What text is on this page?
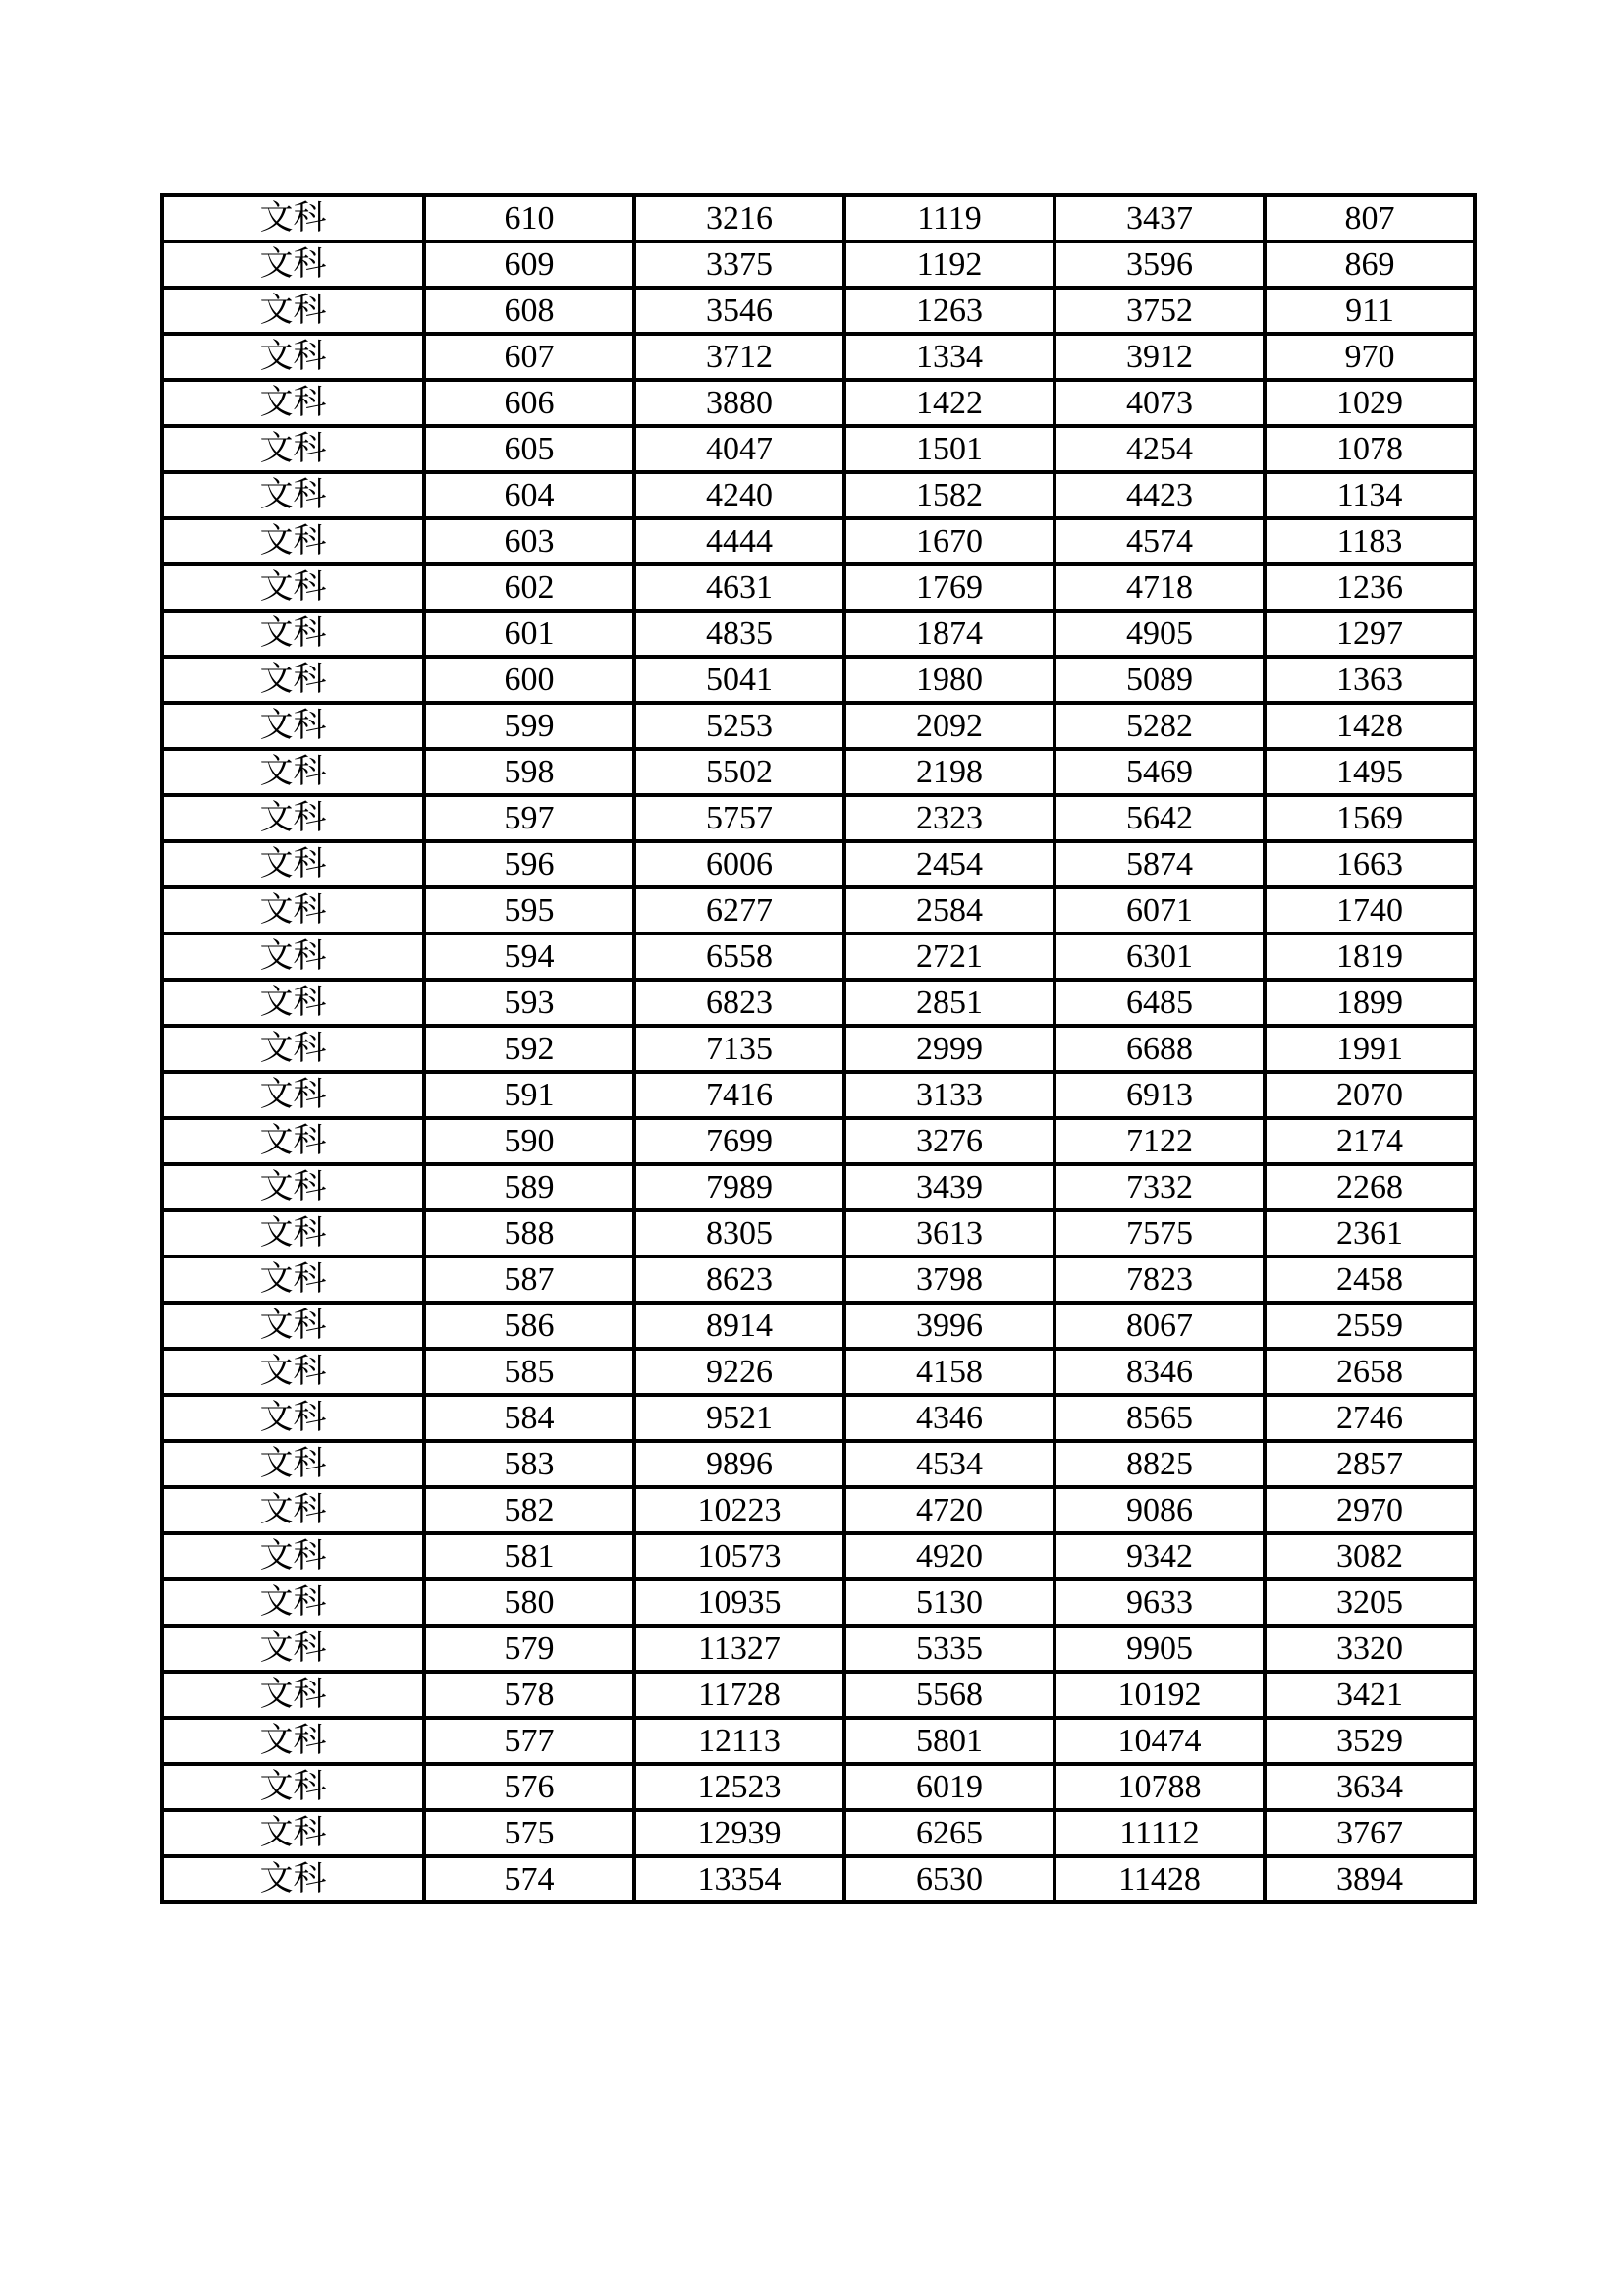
文科	610	3216	1119	3437	807
文科	609	3375	1192	3596	869
文科	608	3546	1263	3752	911
文科	607	3712	1334	3912	970
文科	606	3880	1422	4073	1029
文科	605	4047	1501	4254	1078
文科	604	4240	1582	4423	1134
文科	603	4444	1670	4574	1183
文科	602	4631	1769	4718	1236
文科	601	4835	1874	4905	1297
文科	600	5041	1980	5089	1363
文科	599	5253	2092	5282	1428
文科	598	5502	2198	5469	1495
文科	597	5757	2323	5642	1569
文科	596	6006	2454	5874	1663
文科	595	6277	2584	6071	1740
文科	594	6558	2721	6301	1819
文科	593	6823	2851	6485	1899
文科	592	7135	2999	6688	1991
文科	591	7416	3133	6913	2070
文科	590	7699	3276	7122	2174
文科	589	7989	3439	7332	2268
文科	588	8305	3613	7575	2361
文科	587	8623	3798	7823	2458
文科	586	8914	3996	8067	2559
文科	585	9226	4158	8346	2658
文科	584	9521	4346	8565	2746
文科	583	9896	4534	8825	2857
文科	582	10223	4720	9086	2970
文科	581	10573	4920	9342	3082
文科	580	10935	5130	9633	3205
文科	579	11327	5335	9905	3320
文科	578	11728	5568	10192	3421
文科	577	12113	5801	10474	3529
文科	576	12523	6019	10788	3634
文科	575	12939	6265	11112	3767
文科	574	13354	6530	11428	3894
